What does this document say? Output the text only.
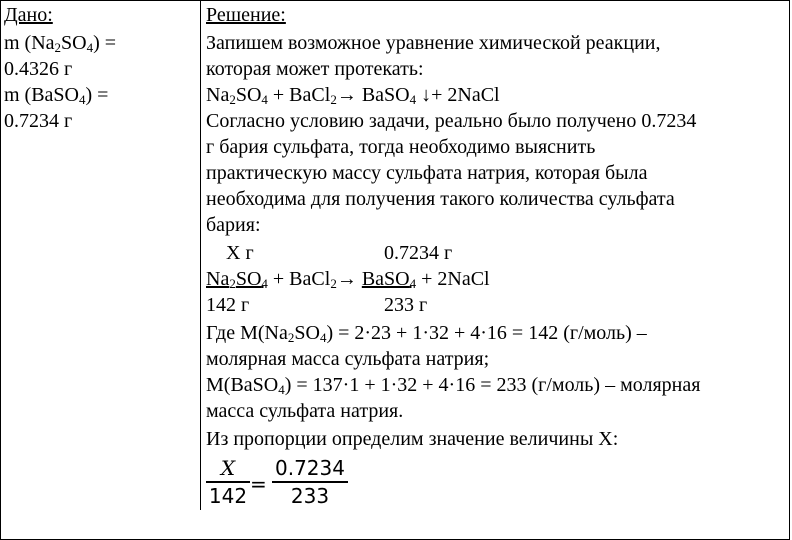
Дано:
m $(Na_2SO_4)$ =
0.4326 г
m (BaSO$_4$) =
0.7234 г
Решение:
Запишем возможное уравнение химической реакции,
которая может протекать:
$Na_2SO_4$ + BaCl$_2$→ BaSO$_4$ ↓+ 2NaCl
Согласно условию задачи, реально было получено 0.7234
г бария сульфата, тогда необходимо выяснить
практическую массу сульфата натрия, которая была
необходима для получения такого количества сульфата
бария:
X г	0.7234 г
$Na_2SO_4$ + BaCl$_2$→ BaSO$_4$ + 2NaCl
142 г	233 г
Где $M(Na_2SO_4) = 2\cdot 23 + 1\cdot 32 + 4\cdot 16 = 142$ (г/моль) –
молярная масса сульфата натрия;
M(BaSO$_4$) = 137·1 + 1·32 + 4·16 = 233 (г/моль) – молярная
масса сульфата натрия.
Из пропорции определим значение величины X:
X
142 =
0.7234
233
